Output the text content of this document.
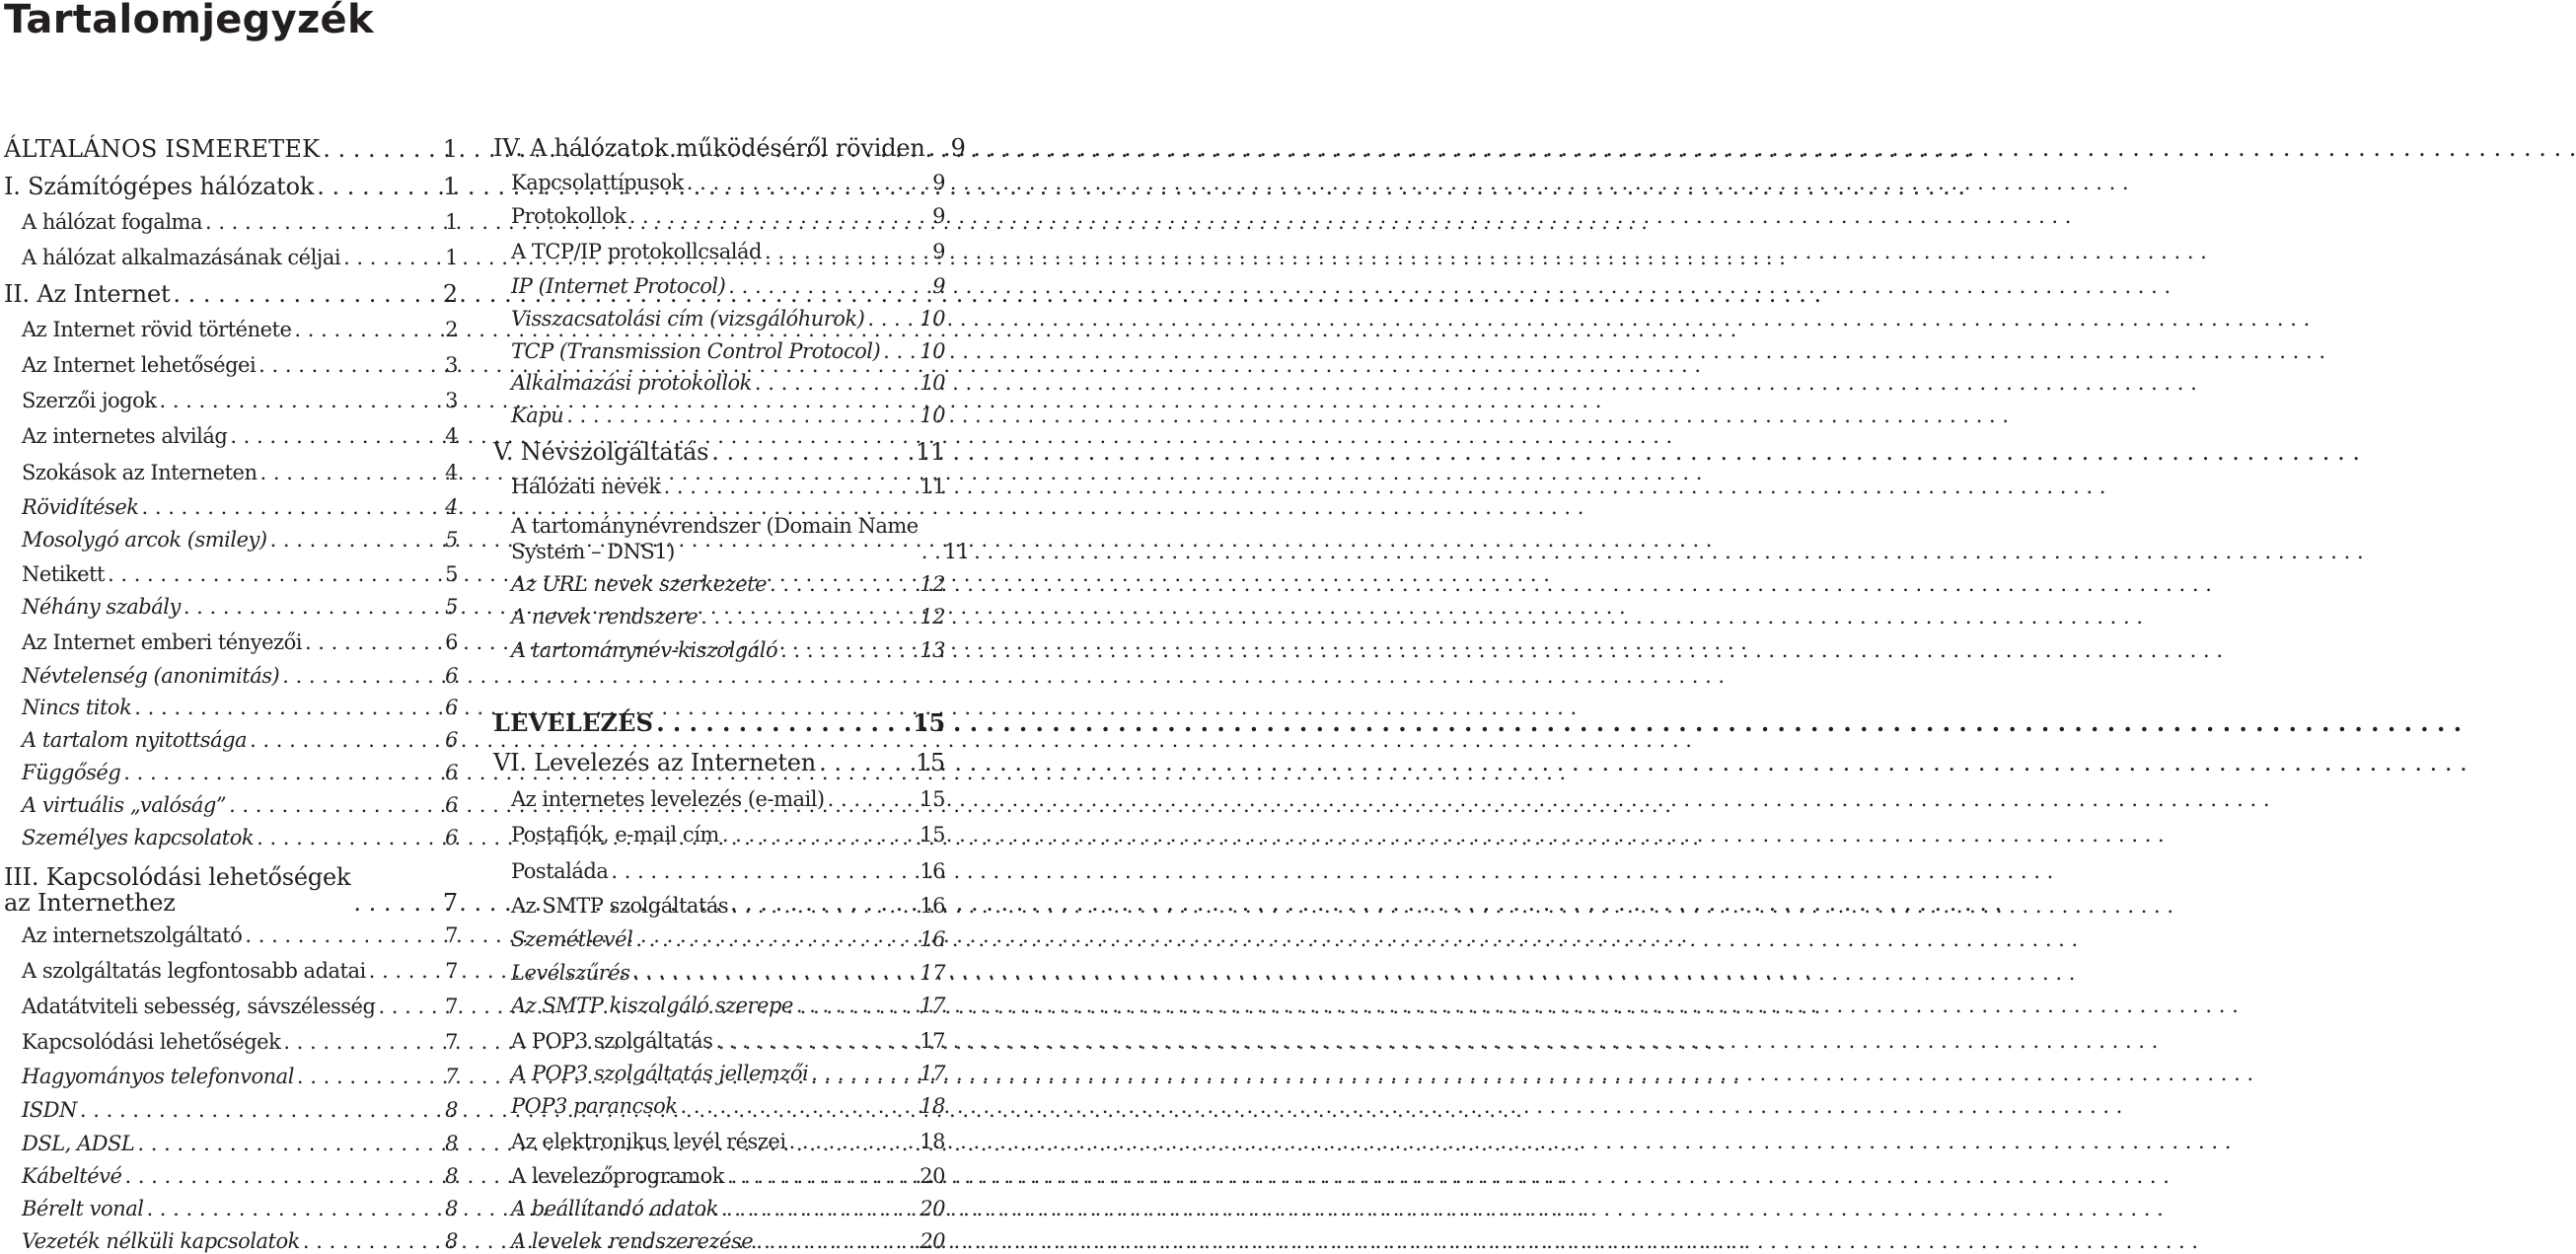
Tartalomjegyzék
ÁLTALÁNOS ISMERETEK . . .	1
I. Számítógépes hálózatok . . .	1
A hálózat fogalma . . .	1
A hálózat alkalmazásának céljai . . .	1
II. Az Internet . . .	2
Az Internet rövid története . . .	2
Az Internet lehetőségei . . .	3
Szerzői jogok . . .	3
Az internetes alvilág . . .	4
Szokások az Interneten . . .	4
Rövidítések . . .	4
Mosolygó arcok (smiley) . . .	5
Netikett . . .	5
Néhány szabály . . .	5
Az Internet emberi tényezői . . .	6
Névtelenség (anonimitás) . . .	6
Nincs titok . . .	6
A tartalom nyitottsága . . .	6
Függőség . . .	6
A virtuális „valóság” . . .	6
Személyes kapcsolatok . . .	6
III. Kapcsolódási lehetőségek
az Internethez . . .	7
Az internetszolgáltató . . .	7
A szolgáltatás legfontosabb adatai . . .	7
Adatátviteli sebesség, sávszélesség . . .	7
Kapcsolódási lehetőségek . . .	7
Hagyományos telefonvonal . . .	7
ISDN . . .	8
DSL, ADSL . . .	8
Kábeltévé . . .	8
Bérelt vonal . . .	8
Vezeték nélküli kapcsolatok . . .	8
IV. A hálózatok működéséről röviden . . . 9
Kapcsolattípusok . . .	9
Protokollok . . .	9
A TCP/IP protokollcsalád . . .	9
IP (Internet Protocol) . . .	9
Visszacsatolási cím (vizsgálóhurok) . . .	10
TCP (Transmission Control Protocol) . . . 10
Alkalmazási protokollok . . .	10
Kapu . . .	10
V. Névszolgáltatás . . .	11
Hálózati nevek . . .	11
A tartománynévrendszer (Domain Name
System – DNS1) . . .	11
Az URL nevek szerkezete . . .	12
A nevek rendszere . . .	12
A tartománynév-kiszolgáló . . .	13
LEVELEZÉS . . .	15
VI. Levelezés az Interneten . . .	15
Az internetes levelezés (e-mail) . . .	15
Postafiók, e-mail cím . . .	15
Postaláda . . .	16
Az SMTP szolgáltatás . . .	16
Szemétlevél . . .	16
Levélszűrés . . .	17
Az SMTP kiszolgáló szerepe . . .	17
A POP3 szolgáltatás . . .	17
A POP3 szolgáltatás jellemzői . . .	17
POP3 parancsok . . .	18
Az elektronikus levél részei . . .	18
A levelezőprogramok . . .	20
A beállítandó adatok . . .	20
A levelek rendszerezése . . .	20
